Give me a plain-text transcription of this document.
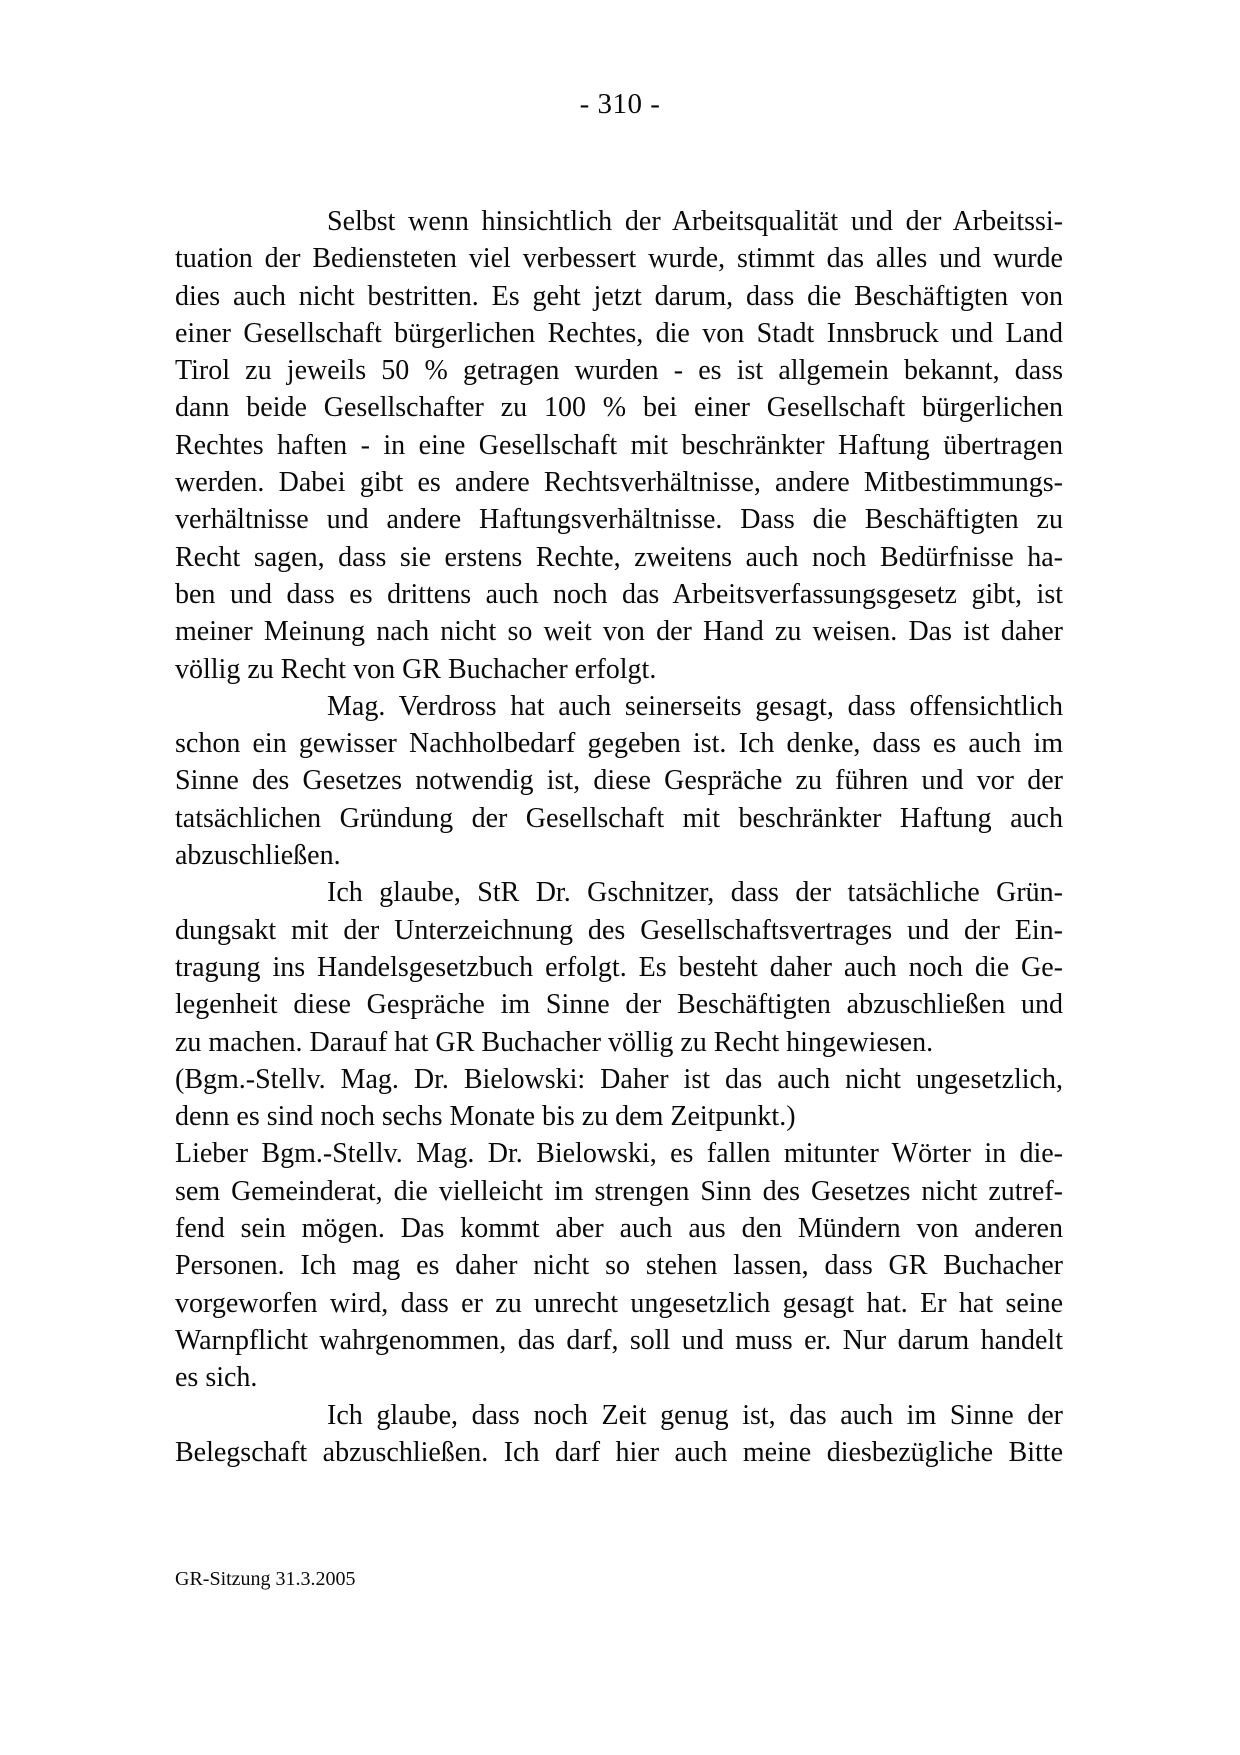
- 310 -
Selbst wenn hinsichtlich der Arbeitsqualität und der Arbeitssi-
tuation der Bediensteten viel verbessert wurde, stimmt das alles und wurde
dies auch nicht bestritten. Es geht jetzt darum, dass die Beschäftigten von
einer Gesellschaft bürgerlichen Rechtes, die von Stadt Innsbruck und Land
Tirol zu jeweils 50 % getragen wurden - es ist allgemein bekannt, dass
dann beide Gesellschafter zu 100 % bei einer Gesellschaft bürgerlichen
Rechtes haften - in eine Gesellschaft mit beschränkter Haftung übertragen
werden. Dabei gibt es andere Rechtsverhältnisse, andere Mitbestimmungs-
verhältnisse und andere Haftungsverhältnisse. Dass die Beschäftigten zu
Recht sagen, dass sie erstens Rechte, zweitens auch noch Bedürfnisse ha-
ben und dass es drittens auch noch das Arbeitsverfassungsgesetz gibt, ist
meiner Meinung nach nicht so weit von der Hand zu weisen. Das ist daher
völlig zu Recht von GR Buchacher erfolgt.
Mag. Verdross hat auch seinerseits gesagt, dass offensichtlich
schon ein gewisser Nachholbedarf gegeben ist. Ich denke, dass es auch im
Sinne des Gesetzes notwendig ist, diese Gespräche zu führen und vor der
tatsächlichen Gründung der Gesellschaft mit beschränkter Haftung auch
abzuschließen.
Ich glaube, StR Dr. Gschnitzer, dass der tatsächliche Grün-
dungsakt mit der Unterzeichnung des Gesellschaftsvertrages und der Ein-
tragung ins Handelsgesetzbuch erfolgt. Es besteht daher auch noch die Ge-
legenheit diese Gespräche im Sinne der Beschäftigten abzuschließen und
zu machen. Darauf hat GR Buchacher völlig zu Recht hingewiesen.
(Bgm.-Stellv. Mag. Dr. Bielowski: Daher ist das auch nicht ungesetzlich,
denn es sind noch sechs Monate bis zu dem Zeitpunkt.)
Lieber Bgm.-Stellv. Mag. Dr. Bielowski, es fallen mitunter Wörter in die-
sem Gemeinderat, die vielleicht im strengen Sinn des Gesetzes nicht zutref-
fend sein mögen. Das kommt aber auch aus den Mündern von anderen
Personen. Ich mag es daher nicht so stehen lassen, dass GR Buchacher
vorgeworfen wird, dass er zu unrecht ungesetzlich gesagt hat. Er hat seine
Warnpflicht wahrgenommen, das darf, soll und muss er. Nur darum handelt
es sich.
Ich glaube, dass noch Zeit genug ist, das auch im Sinne der
Belegschaft abzuschließen. Ich darf hier auch meine diesbezügliche Bitte
GR-Sitzung 31.3.2005
